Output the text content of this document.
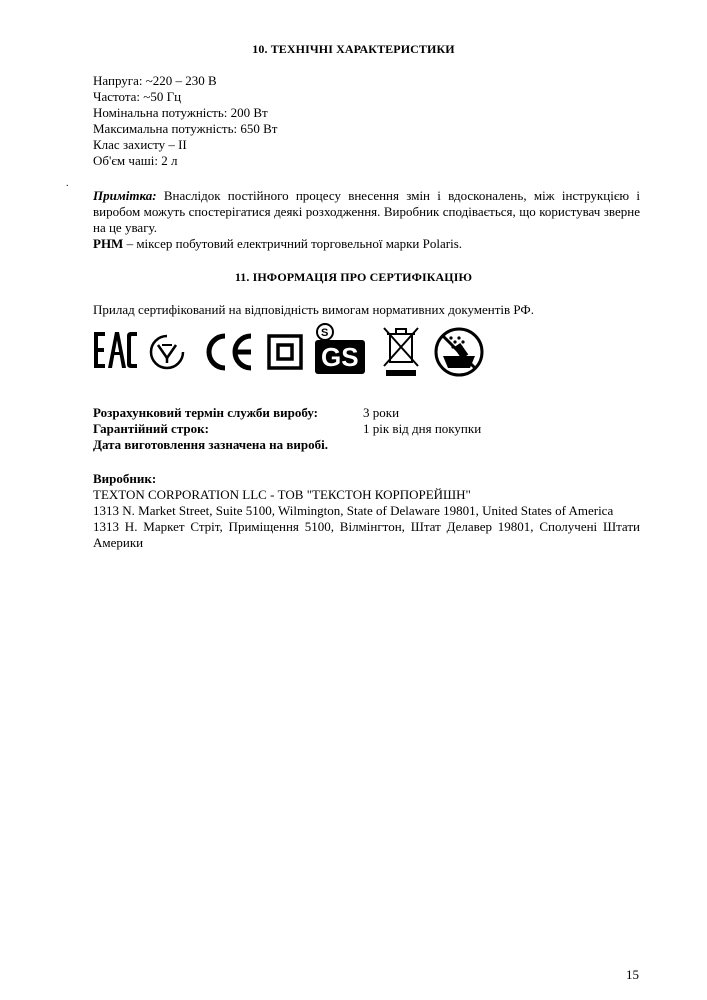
10. ТЕХНІЧНІ ХАРАКТЕРИСТИКИ
Напруга: ~220 – 230 В
Частота: ~50 Гц
Номінальна потужність: 200 Вт
Максимальна потужність: 650 Вт
Клас захисту – II
Об'єм чаші: 2 л
.

Примітка: Внаслідок постійного процесу внесення змін і вдосконалень, між інструкцією і виробом можуть спостерігатися деякі розходження. Виробник сподівається, що користувач зверне на це увагу.

РНМ – міксер побутовий електричний торговельної марки Polaris.

11. ІНФОРМАЦІЯ ПРО СЕРТИФІКАЦІЮ
Прилад сертифікований на відповідність вимогам нормативних документів РФ.
EAC	CE	S
GS
Розрахунковий термін служби виробу:	3 роки
Гарантійний строк:	1 рік від дня покупки
Дата виготовлення зазначена на виробі.

Виробник:

TEXTON CORPORATION LLC - ТОВ "ТЕКСТОН КОРПОРЕЙШН"

1313 N. Market Street, Suite 5100, Wilmington, State of Delaware 19801, United States of America

1313 Н. Маркет Стріт, Приміщення 5100, Вілмінгтон, Штат Делавер 19801, Сполучені Штати Америки

15
